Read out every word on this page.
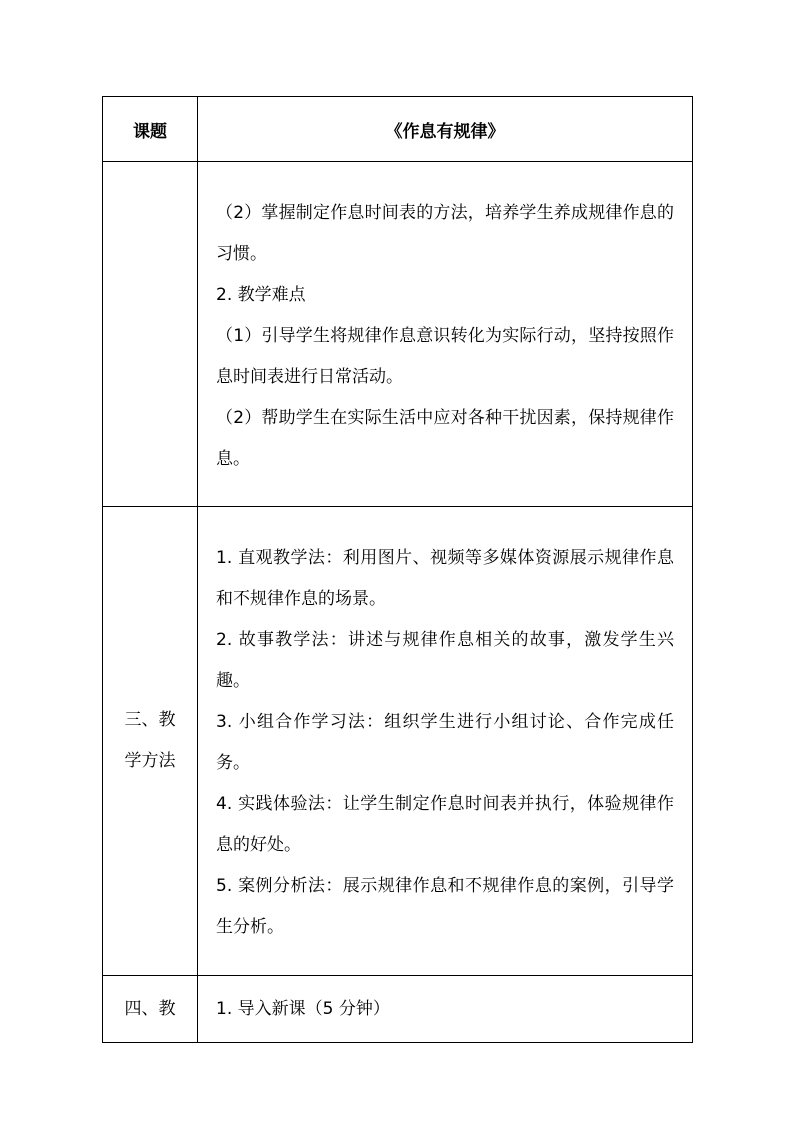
课题	《作息有规律》

	（2）掌握制定作息时间表的方法，培养学生养成规律作息的习惯。

2. 教学难点

（1）引导学生将规律作息意识转化为实际行动，坚持按照作息时间表进行日常活动。

（2）帮助学生在实际生活中应对各种干扰因素，保持规律作息。

三、教学方法	1. 直观教学法：利用图片、视频等多媒体资源展示规律作息和不规律作息的场景。

2. 故事教学法：讲述与规律作息相关的故事，激发学生兴趣。

3. 小组合作学习法：组织学生进行小组讨论、合作完成任务。

4. 实践体验法：让学生制定作息时间表并执行，体验规律作息的好处。

5. 案例分析法：展示规律作息和不规律作息的案例，引导学生分析。

四、教	1. 导入新课（5 分钟）
